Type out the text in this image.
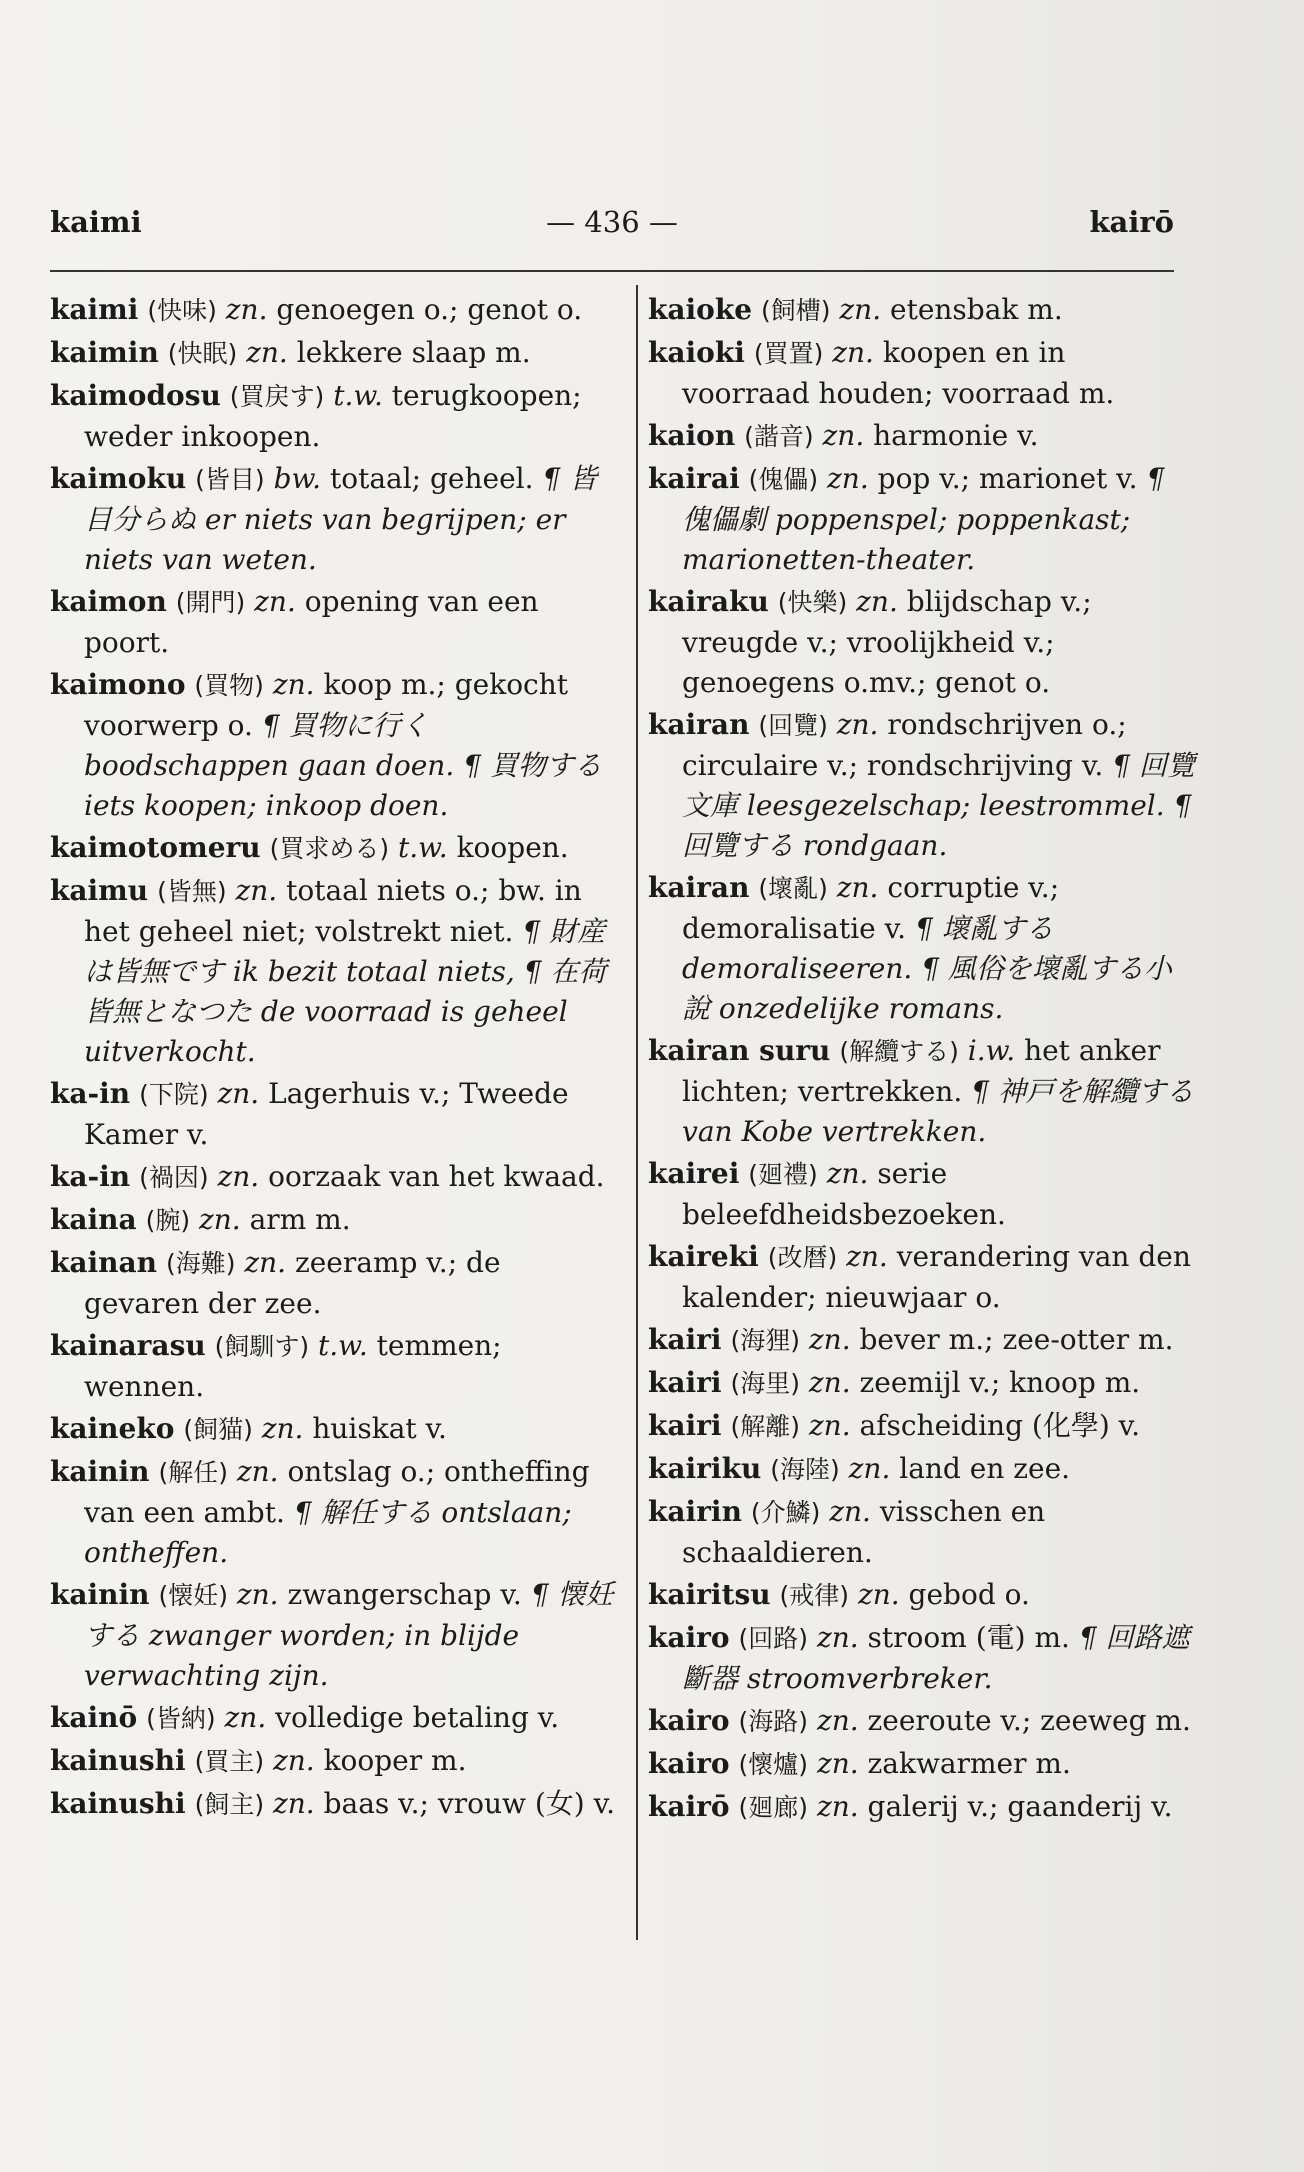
kaimi	— 436 —	kairō
kaimi (快味) zn. genoegen o.; genot o.
kaimin (快眠) zn. lekkere slaap m.
kaimodosu (買戻す) t.w. terugkoopen; weder inkoopen.
kaimoku (皆目) bw. totaal; geheel. ¶ 皆目分らぬ er niets van begrijpen; er niets van weten.
kaimon (開門) zn. opening van een poort.
kaimono (買物) zn. koop m.; gekocht voorwerp o. ¶ 買物に行く boodschappen gaan doen. ¶ 買物する iets koopen; inkoop doen.
kaimotomeru (買求める) t.w. koopen.
kaimu (皆無) zn. totaal niets o.; bw. in het geheel niet; volstrekt niet. ¶ 財産は皆無です ik bezit totaal niets, ¶ 在荷皆無となつた de voorraad is geheel uitverkocht.
ka-in (下院) zn. Lagerhuis v.; Tweede Kamer v.
ka-in (禍因) zn. oorzaak van het kwaad.
kaina (腕) zn. arm m.
kainan (海難) zn. zeeramp v.; de gevaren der zee.
kainarasu (飼馴す) t.w. temmen; wennen.
kaineko (飼猫) zn. huiskat v.
kainin (解任) zn. ontslag o.; ontheffing van een ambt. ¶ 解任する ontslaan; ontheffen.
kainin (懐妊) zn. zwangerschap v. ¶ 懐妊する zwanger worden; in blijde verwachting zijn.
kainō (皆納) zn. volledige betaling v.
kainushi (買主) zn. kooper m.
kainushi (飼主) zn. baas v.; vrouw (女) v.
kaioke (飼槽) zn. etensbak m.
kaioki (買置) zn. koopen en in voorraad houden; voorraad m.
kaion (諧音) zn. harmonie v.
kairai (傀儡) zn. pop v.; marionet v. ¶ 傀儡劇 poppenspel; poppenkast; marionetten-theater.
kairaku (快樂) zn. blijdschap v.; vreugde v.; vroolijkheid v.; genoegens o.mv.; genot o.
kairan (回覽) zn. rondschrijven o.; circulaire v.; rondschrijving v. ¶ 回覽文庫 leesgezelschap; leestrommel. ¶ 回覽する rondgaan.
kairan (壞亂) zn. corruptie v.; demoralisatie v. ¶ 壞亂する demoraliseeren. ¶ 風俗を壞亂する小說 onzedelijke romans.
kairan suru (解纜する) i.w. het anker lichten; vertrekken. ¶ 神戸を解纜する van Kobe vertrekken.
kairei (廻禮) zn. serie beleefdheidsbezoeken.
kaireki (改暦) zn. verandering van den kalender; nieuwjaar o.
kairi (海狸) zn. bever m.; zee-otter m.
kairi (海里) zn. zeemijl v.; knoop m.
kairi (解離) zn. afscheiding (化學) v.
kairiku (海陸) zn. land en zee.
kairin (介鱗) zn. visschen en schaaldieren.
kairitsu (戒律) zn. gebod o.
kairo (回路) zn. stroom (電) m. ¶ 回路遮斷器 stroomverbreker.
kairo (海路) zn. zeeroute v.; zeeweg m.
kairo (懷爐) zn. zakwarmer m.
kairō (廻廊) zn. galerij v.; gaanderij v.
